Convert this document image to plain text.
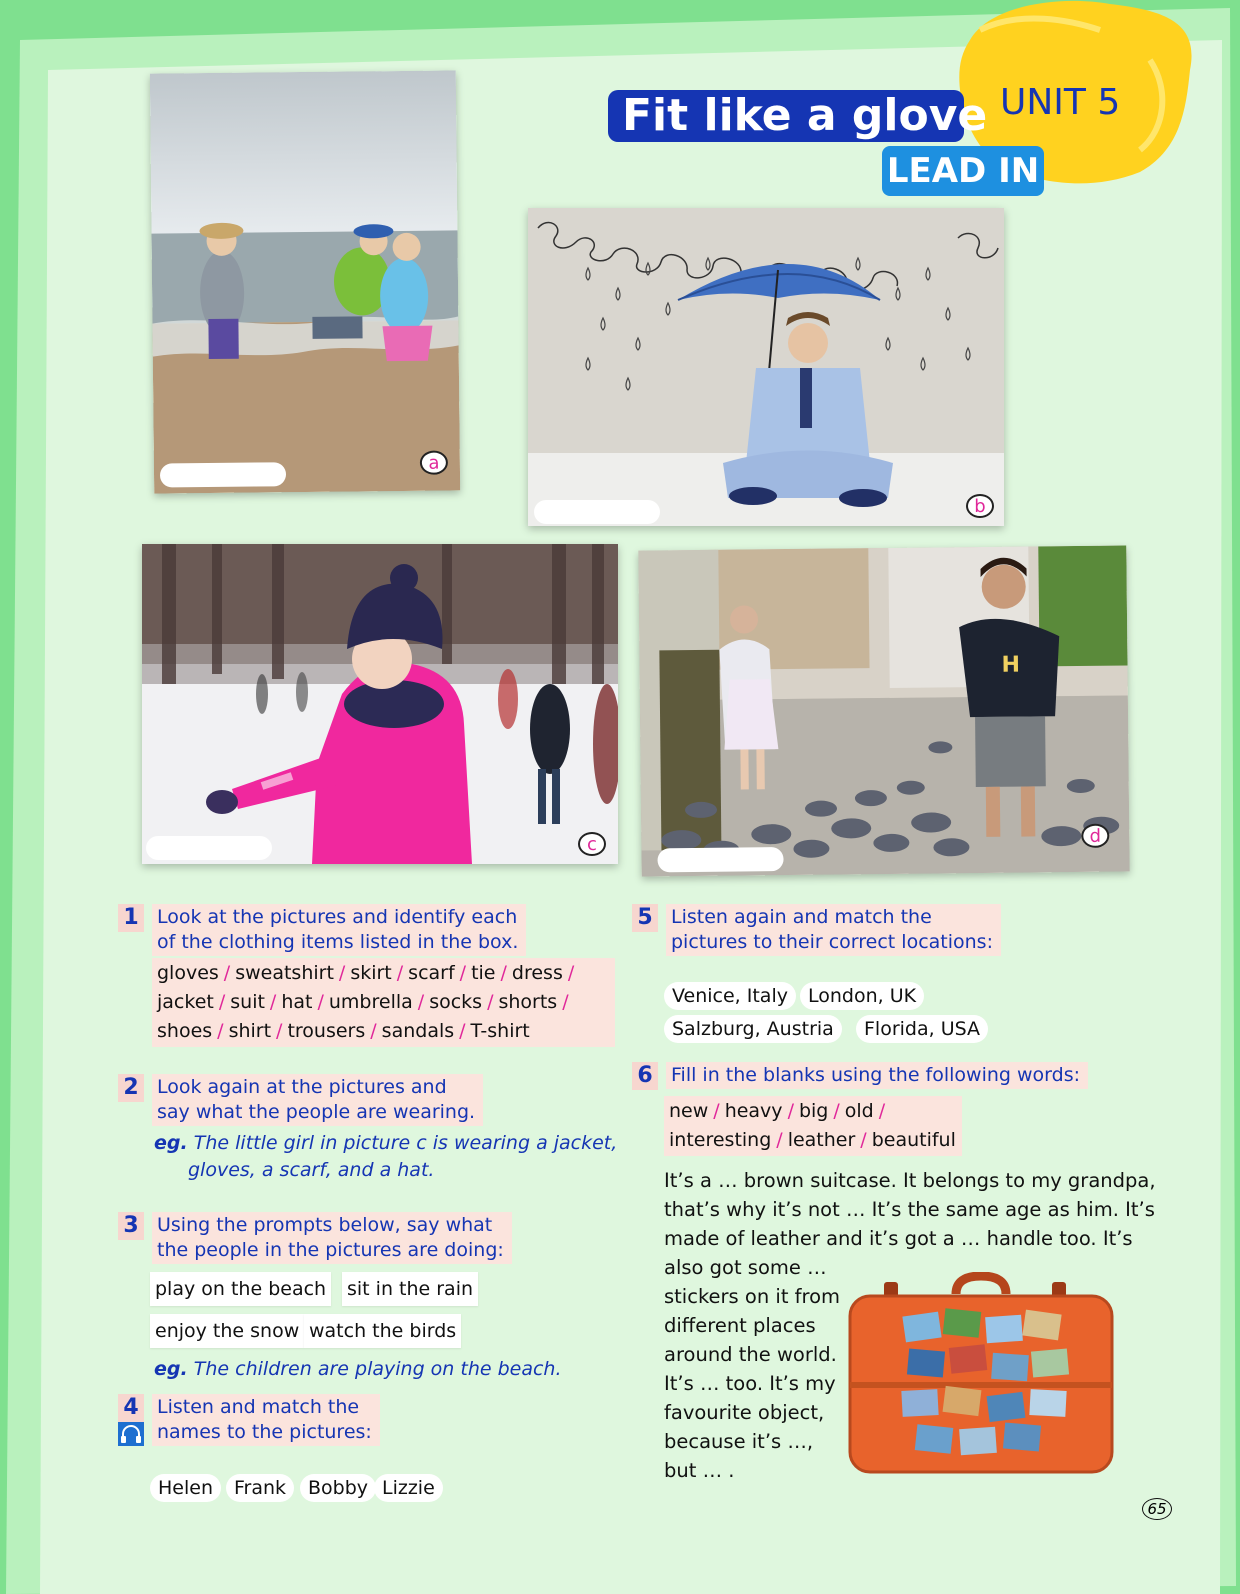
UNIT 5
Fit like a glove
LEAD IN
a
b
c
H
d
1 Look at the pictures and identify each
of the clothing items listed in the box.
gloves / sweatshirt / skirt / scarf / tie / dress /
jacket / suit / hat / umbrella / socks / shorts /
shoes / shirt / trousers / sandals / T-shirt
2 Look again at the pictures and
say what the people are wearing.
eg. The little girl in picture c is wearing a jacket,
gloves, a scarf, and a hat.
3 Using the prompts below, say what
the people in the pictures are doing:
play on the beach sit in the rain
enjoy the snow watch the birds
eg. The children are playing on the beach.
4 Listen and match the
names to the pictures:
Helen	Frank	Bobby Lizzie
5 Listen again and match the
pictures to their correct locations:
Venice, Italy	London, UK
Salzburg, Austria	Florida, USA
6 Fill in the blanks using the following words:
new / heavy / big / old /
interesting / leather / beautiful
It’s a … brown suitcase. It belongs to my grandpa,
that’s why it’s not … It’s the same age as him. It’s
made of leather and it’s got a … handle too. It’s
also got some …
stickers on it from
different places
around the world.
It’s … too. It’s my
favourite object,
because it’s …,
but … .
65
